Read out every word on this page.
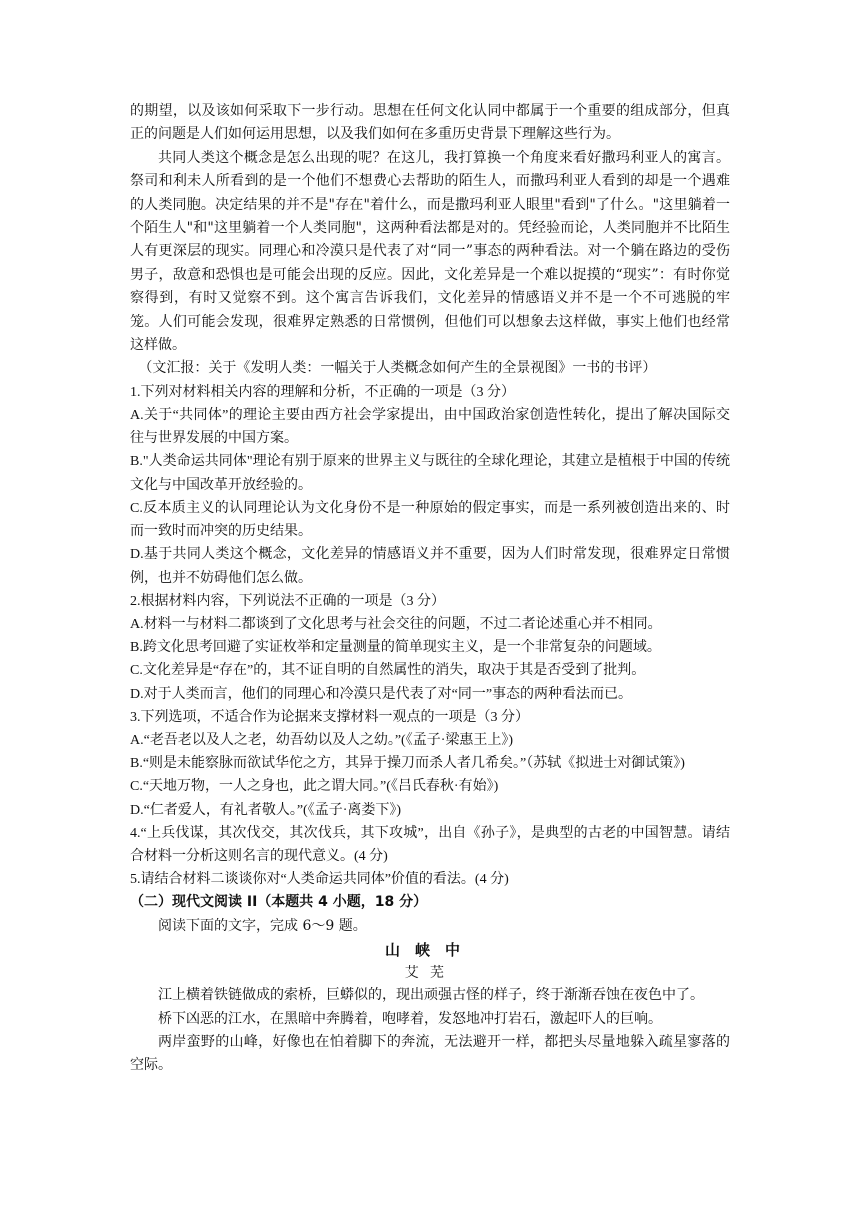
的期望，以及该如何采取下一步行动。思想在任何文化认同中都属于一个重要的组成部分，但真正的问题是人们如何运用思想，以及我们如何在多重历史背景下理解这些行为。

共同人类这个概念是怎么出现的呢？在这儿，我打算换一个角度来看好撒玛利亚人的寓言。祭司和利未人所看到的是一个他们不想费心去帮助的陌生人，而撒玛利亚人看到的却是一个遇难的人类同胞。决定结果的并不是"存在"着什么，而是撒玛利亚人眼里"看到"了什么。"这里躺着一个陌生人"和"这里躺着一个人类同胞"，这两种看法都是对的。凭经验而论，人类同胞并不比陌生人有更深层的现实。同理心和冷漠只是代表了对“同一”事态的两种看法。对一个躺在路边的受伤男子，敌意和恐惧也是可能会出现的反应。因此，文化差异是一个难以捉摸的“现实”：有时你觉察得到，有时又觉察不到。这个寓言告诉我们，文化差异的情感语义并不是一个不可逃脱的牢笼。人们可能会发现，很难界定熟悉的日常惯例，但他们可以想象去这样做，事实上他们也经常这样做。

（文汇报：关于《发明人类：一幅关于人类概念如何产生的全景视图》一书的书评）

1.下列对材料相关内容的理解和分析，不正确的一项是（3 分）

A.关于“共同体”的理论主要由西方社会学家提出，由中国政治家创造性转化，提出了解决国际交往与世界发展的中国方案。

B."人类命运共同体"理论有别于原来的世界主义与既往的全球化理论，其建立是植根于中国的传统文化与中国改革开放经验的。

C.反本质主义的认同理论认为文化身份不是一种原始的假定事实，而是一系列被创造出来的、时而一致时而冲突的历史结果。

D.基于共同人类这个概念，文化差异的情感语义并不重要，因为人们时常发现，很难界定日常惯例，也并不妨碍他们怎么做。

2.根据材料内容，下列说法不正确的一项是（3 分）

A.材料一与材料二都谈到了文化思考与社会交往的问题，不过二者论述重心并不相同。

B.跨文化思考回避了实证枚举和定量测量的简单现实主义，是一个非常复杂的问题域。

C.文化差异是“存在”的，其不证自明的自然属性的消失，取决于其是否受到了批判。

D.对于人类而言，他们的同理心和冷漠只是代表了对“同一”事态的两种看法而已。

3.下列选项，不适合作为论据来支撑材料一观点的一项是（3 分）

A.“老吾老以及人之老，幼吾幼以及人之幼。”(《孟子·梁惠王上》)

B.“则是未能察脉而欲试华佗之方，其异于操刀而杀人者几希矣。”（苏轼《拟进士对御试策》)

C.“天地万物，一人之身也，此之谓大同。”(《吕氏春秋·有始》)

D.“仁者爱人，有礼者敬人。”(《孟子·离娄下》)

4.“上兵伐谋，其次伐交，其次伐兵，其下攻城”，出自《孙子》，是典型的古老的中国智慧。请结合材料一分析这则名言的现代意义。(4 分)

5.请结合材料二谈谈你对“人类命运共同体”价值的看法。(4 分)

（二）现代文阅读 II（本题共 4 小题，18 分）

阅读下面的文字，完成 6～9 题。

山峡中

艾芜

江上横着铁链做成的索桥，巨蟒似的，现出顽强古怪的样子，终于渐渐吞蚀在夜色中了。

桥下凶恶的江水，在黑暗中奔腾着，咆哮着，发怒地冲打岩石，激起吓人的巨响。

两岸蛮野的山峰，好像也在怕着脚下的奔流，无法避开一样，都把头尽量地躲入疏星寥落的空际。
